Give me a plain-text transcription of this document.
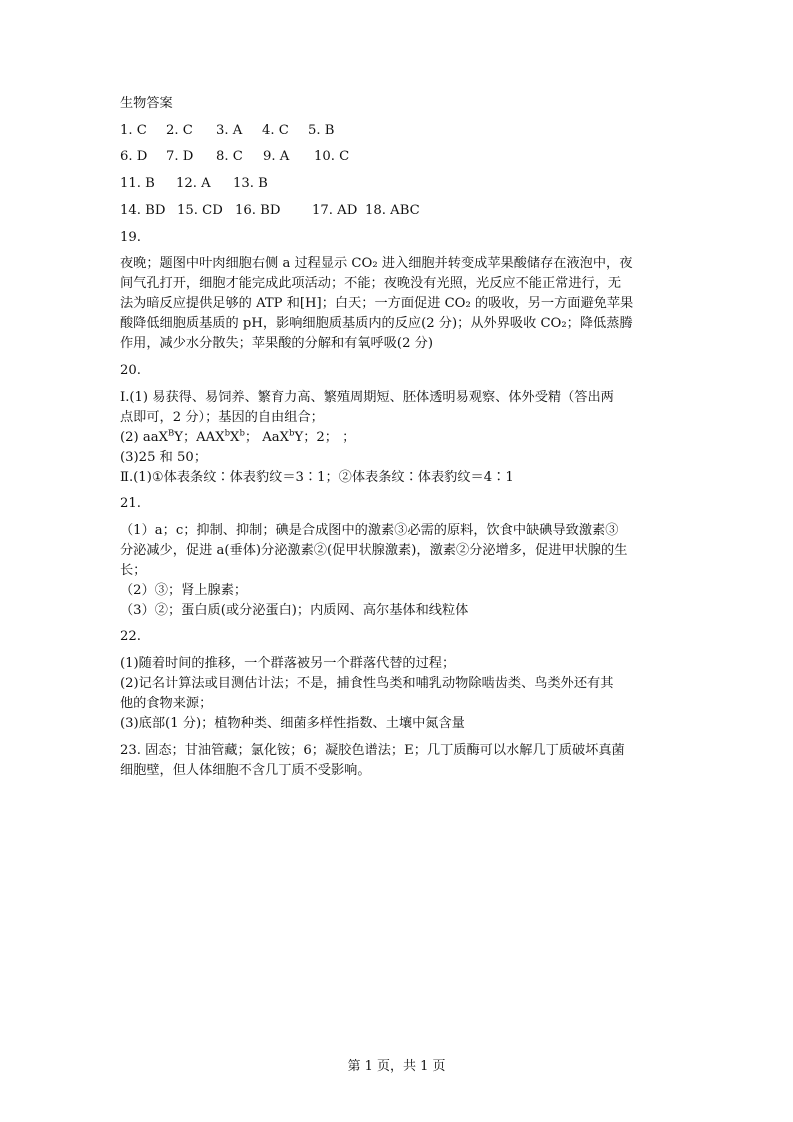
生物答案

1. C	2. C	3. A	4. C	5. B
6. D	7. D	8. C	9. A	10. C
11. B	12. A	13. B
14. BD 15. CD 16. BD	17. AD 18. ABC

19.

夜晚；题图中叶肉细胞右侧 a 过程显示 CO₂ 进入细胞并转变成苹果酸储存在液泡中，夜
间气孔打开，细胞才能完成此项活动；不能；夜晚没有光照，光反应不能正常进行，无
法为暗反应提供足够的 ATP 和[H]；白天；一方面促进 CO₂ 的吸收，另一方面避免苹果
酸降低细胞质基质的 pH，影响细胞质基质内的反应(2 分)；从外界吸收 CO₂；降低蒸腾
作用，减少水分散失；苹果酸的分解和有氧呼吸(2 分)

20.

Ⅰ.(1) 易获得、易饲养、繁育力高、繁殖周期短、胚体透明易观察、体外受精（答出两
点即可，2 分）；基因的自由组合；
(2) aaX$^B$Y；$AAX^bX^b$； AaX$^b$Y；2； ；
(3)25 和 50；
Ⅱ.(1)①体表条纹∶体表豹纹＝3∶1；②体表条纹∶体表豹纹＝4∶1

21.

（1）a；c；抑制、抑制；碘是合成图中的激素③必需的原料，饮食中缺碘导致激素③
分泌减少，促进 a(垂体)分泌激素②(促甲状腺激素)，激素②分泌增多，促进甲状腺的生
长；
（2）③；肾上腺素；
（3）②；蛋白质(或分泌蛋白)；内质网、高尔基体和线粒体

22.

(1)随着时间的推移，一个群落被另一个群落代替的过程；
(2)记名计算法或目测估计法；不是，捕食性鸟类和哺乳动物除啮齿类、鸟类外还有其
他的食物来源；
(3)底部(1 分)；植物种类、细菌多样性指数、土壤中氮含量
23. 固态；甘油管藏；氯化铵；6；凝胶色谱法；E；几丁质酶可以水解几丁质破坏真菌
细胞壁，但人体细胞不含几丁质不受影响。
第 1 页，共 1 页
